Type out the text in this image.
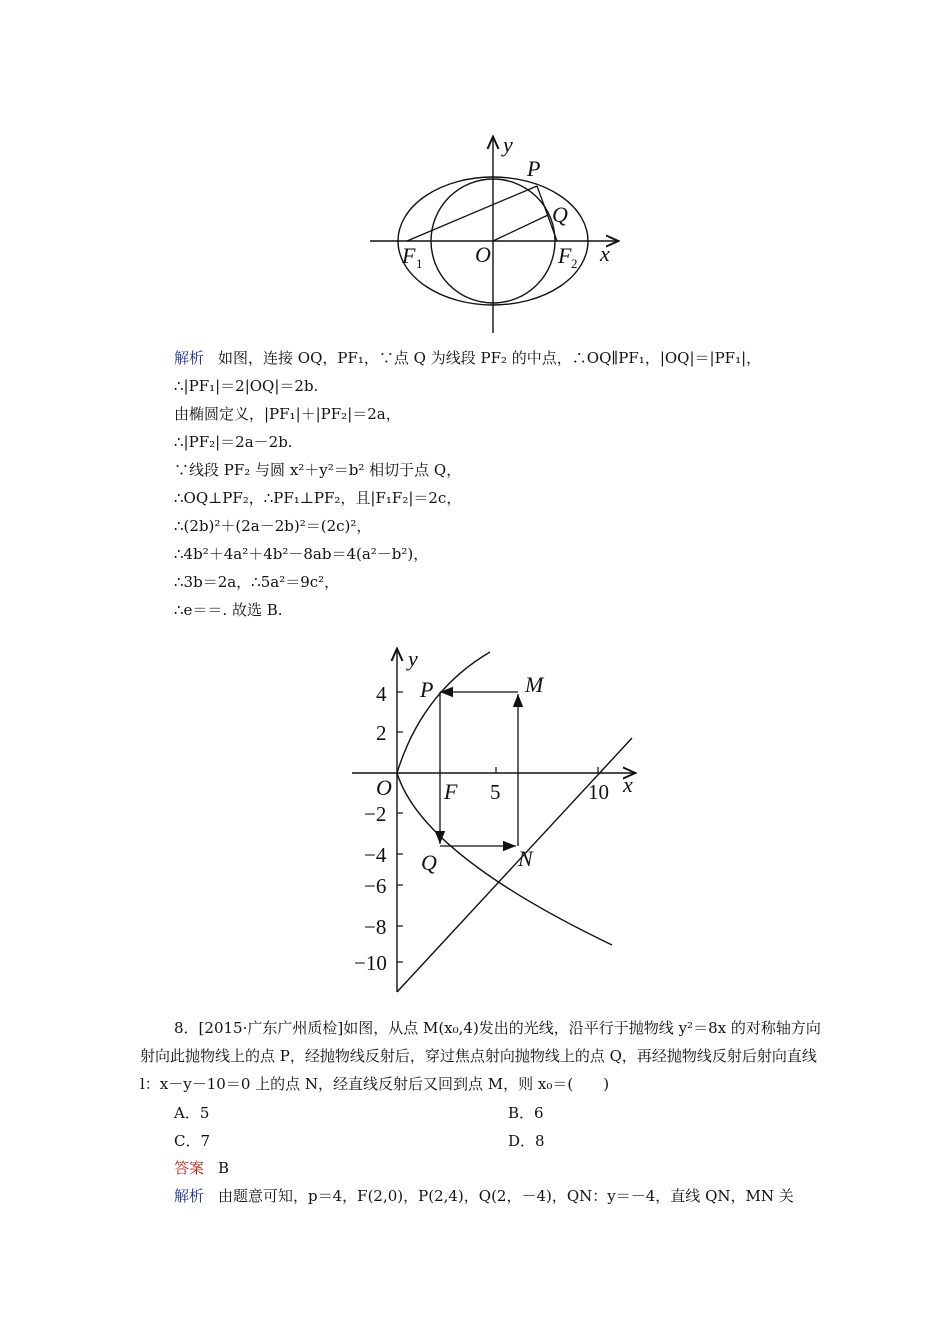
y
P
Q
O	x
F 1	F 2
解析 如图，连接 OQ，PF₁，∵点 Q 为线段 PF₂ 的中点，∴OQ∥PF₁，|OQ|＝|PF₁|，
∴|PF₁|＝2|OQ|＝2b.
由椭圆定义，|PF₁|＋|PF₂|＝2a，
∴|PF₂|＝2a－2b.
∵线段 PF₂ 与圆 x²＋y²＝b² 相切于点 Q，
∴OQ⊥PF₂，∴PF₁⊥PF₂，且|F₁F₂|＝2c，
∴(2b)²＋(2a－2b)²＝(2c)²，
∴4b²＋4a²＋4b²－8ab＝4(a²－b²)，
∴3b＝2a，∴5a²＝9c²，
∴e＝＝. 故选 B.
y
P	M
4
2
O F 5	10 x
−2
−4 Q	N
−6
−8
−10
8．[2015·广东广州质检]如图，从点 M(x₀,4)发出的光线，沿平行于抛物线 y²＝8x 的对称轴方向射向此抛物线上的点 P，经抛物线反射后，穿过焦点射向抛物线上的点 Q，再经抛物线反射后射向直线 l：x－y－10＝0 上的点 N，经直线反射后又回到点 M，则 x₀＝(　　)
A．5	B．6
C．7	D．8
答案 B
解析 由题意可知，p＝4，F(2,0)，P(2,4)，Q(2，－4)，QN：y＝－4，直线 QN，MN 关
